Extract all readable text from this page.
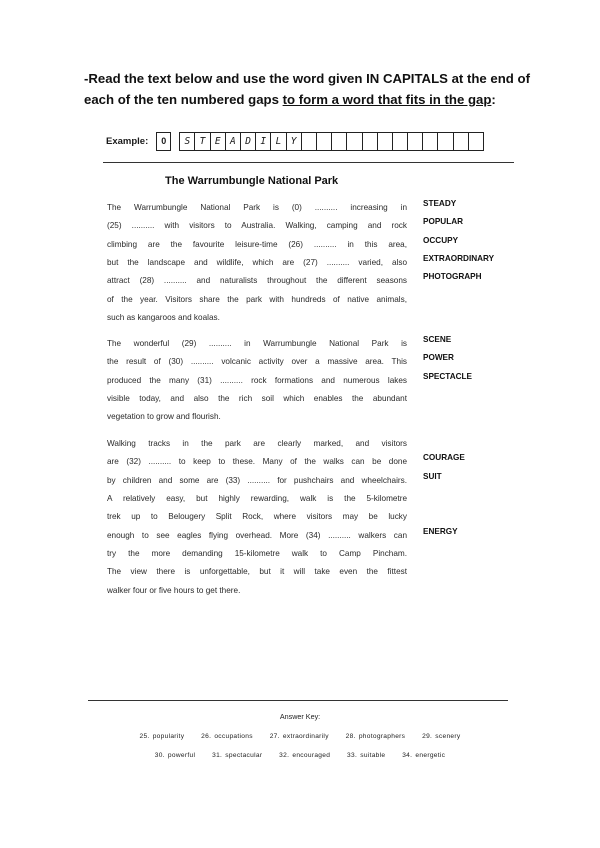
-Read the text below and use the word given IN CAPITALS at the end of each of the ten numbered gaps to form a word that fits in the gap:
Example:	0	S T E A D I L Y
The Warrumbungle National Park
The Warrumbungle National Park is (0) .......... increasing in
(25) .......... with visitors to Australia. Walking, camping and rock
climbing are the favourite leisure-time (26) .......... in this area,
but the landscape and wildlife, which are (27) .......... varied, also
attract (28) .......... and naturalists throughout the different seasons
of the year. Visitors share the park with hundreds of native animals,
such as kangaroos and koalas.
The wonderful (29) .......... in Warrumbungle National Park is
the result of (30) .......... volcanic activity over a massive area. This
produced the many (31) .......... rock formations and numerous lakes
visible today, and also the rich soil which enables the abundant
vegetation to grow and flourish.
Walking tracks in the park are clearly marked, and visitors
are (32) .......... to keep to these. Many of the walks can be done
by children and some are (33) .......... for pushchairs and wheelchairs.
A relatively easy, but highly rewarding, walk is the 5-kilometre
trek up to Belougery Split Rock, where visitors may be lucky
enough to see eagles flying overhead. More (34) .......... walkers can
try the more demanding 15-kilometre walk to Camp Pincham.
The view there is unforgettable, but it will take even the fittest
walker four or five hours to get there.
STEADY
POPULAR
OCCUPY
EXTRAORDINARY
PHOTOGRAPH
SCENE
POWER
SPECTACLE
COURAGE
SUIT
ENERGY
Answer Key:
25. popularity	26. occupations	27. extraordinarily	28. photographers	29. scenery
30. powerful	31. spectacular	32. encouraged	33. suitable	34. energetic
